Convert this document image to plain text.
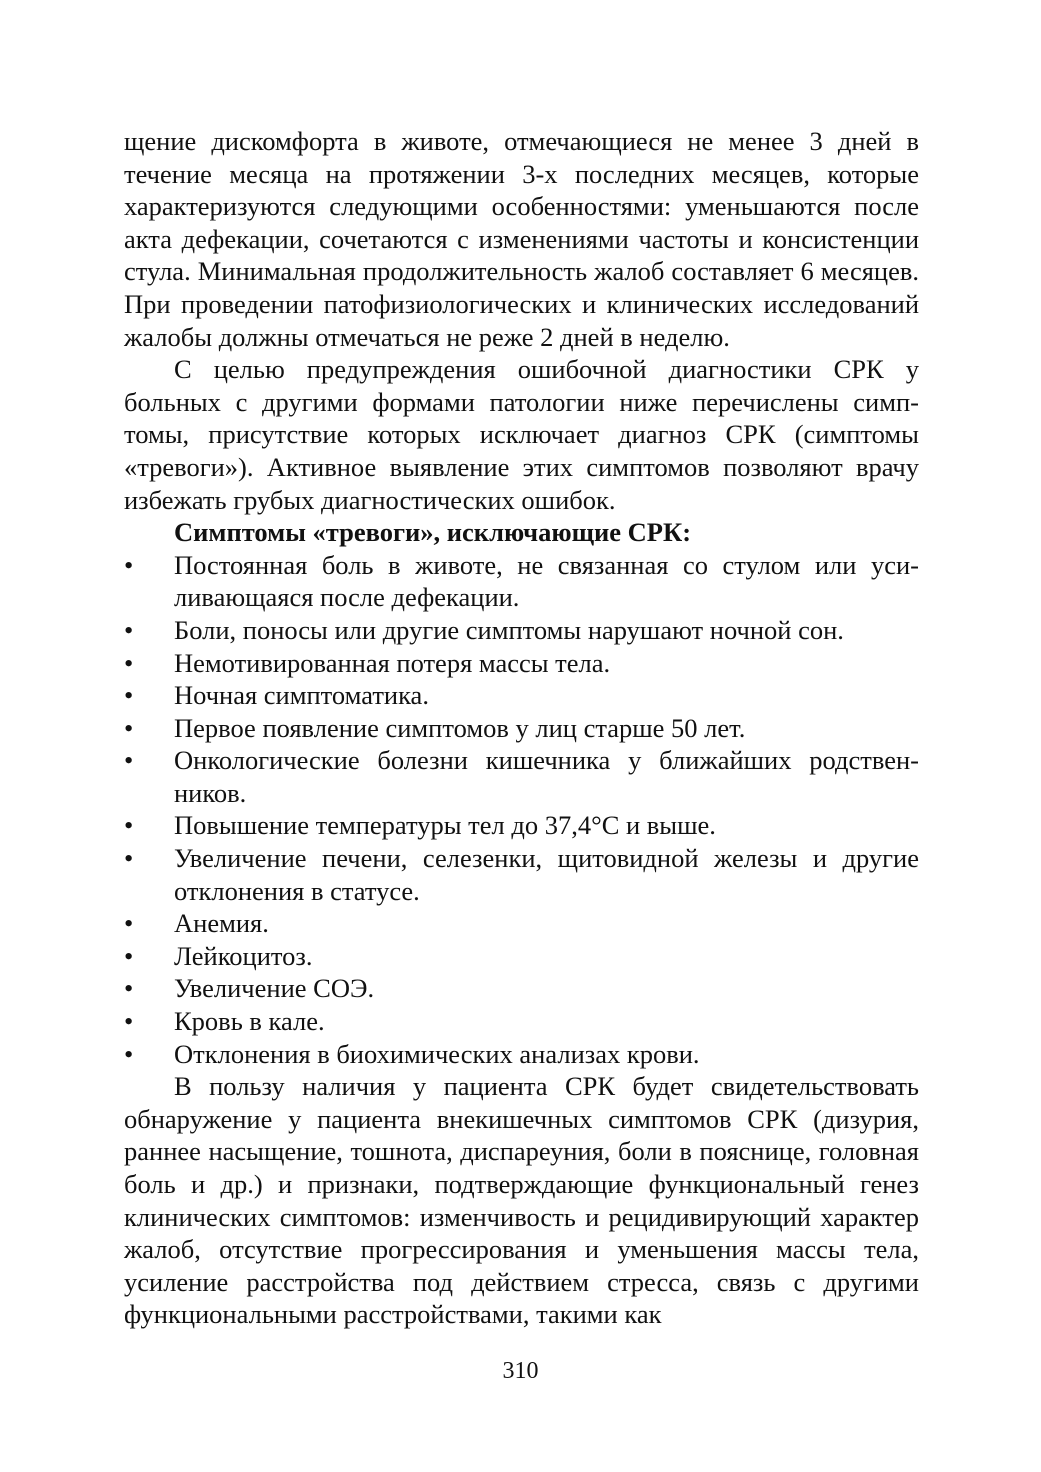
щение дискомфорта в животе, отмечающиеся не менее 3 дней в течение месяца на протяжении 3-х последних месяцев, которые характеризуются следующими особенностями: уменьшаются после акта дефекации, сочетаются с изменениями частоты и консистенции стула. Минимальная продолжительность жалоб составляет 6 месяцев. При проведении патофизиологических и клинических исследований жалобы должны отмечаться не реже 2 дней в неделю.

С целью предупреждения ошибочной диагностики СРК у больных с другими формами патологии ниже перечислены симптомы, присутствие которых исключает диагноз СРК (симптомы «тревоги»). Активное выявление этих симптомов позволяют врачу избежать грубых диагностических ошибок.

Симптомы «тревоги», исключающие СРК:

• Постоянная боль в животе, не связанная со стулом или усиливающаяся после дефекации.
• Боли, поносы или другие симптомы нарушают ночной сон.
• Немотивированная потеря массы тела.
• Ночная симптоматика.
• Первое появление симптомов у лиц старше 50 лет.
• Онкологические болезни кишечника у ближайших родственников.
• Повышение температуры тел до 37,4°С и выше.
• Увеличение печени, селезенки, щитовидной железы и другие отклонения в статусе.
• Анемия.
• Лейкоцитоз.
• Увеличение СОЭ.
• Кровь в кале.
• Отклонения в биохимических анализах крови.

В пользу наличия у пациента СРК будет свидетельствовать обнаружение у пациента внекишечных симптомов СРК (дизурия, раннее насыщение, тошнота, диспареуния, боли в пояснице, головная боль и др.) и признаки, подтверждающие функциональный генез клинических симптомов: изменчивость и рецидивирующий характер жалоб, отсутствие прогрессирования и уменьшения массы тела, усиление расстройства под действием стресса, связь с другими функциональными расстройствами, такими как

310
